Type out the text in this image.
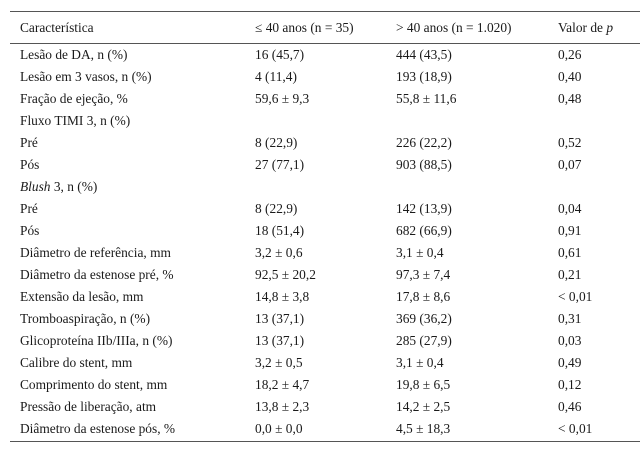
Característica	≤ 40 anos (n = 35)	> 40 anos (n = 1.020)	Valor de p
Lesão de DA, n (%)	16 (45,7)	444 (43,5)	0,26
Lesão em 3 vasos, n (%)	4 (11,4)	193 (18,9)	0,40
Fração de ejeção, %	59,6 ± 9,3	55,8 ± 11,6	0,48
Fluxo TIMI 3, n (%)			
Pré	8 (22,9)	226 (22,2)	0,52
Pós	27 (77,1)	903 (88,5)	0,07
Blush 3, n (%)			
Pré	8 (22,9)	142 (13,9)	0,04
Pós	18 (51,4)	682 (66,9)	0,91
Diâmetro de referência, mm	3,2 ± 0,6	3,1 ± 0,4	0,61
Diâmetro da estenose pré, %	92,5 ± 20,2	97,3 ± 7,4	0,21
Extensão da lesão, mm	14,8 ± 3,8	17,8 ± 8,6	< 0,01
Tromboaspiração, n (%)	13 (37,1)	369 (36,2)	0,31
Glicoproteína IIb/IIIa, n (%)	13 (37,1)	285 (27,9)	0,03
Calibre do stent, mm	3,2 ± 0,5	3,1 ± 0,4	0,49
Comprimento do stent, mm	18,2 ± 4,7	19,8 ± 6,5	0,12
Pressão de liberação, atm	13,8 ± 2,3	14,2 ± 2,5	0,46
Diâmetro da estenose pós, %	0,0 ± 0,0	4,5 ± 18,3	< 0,01
